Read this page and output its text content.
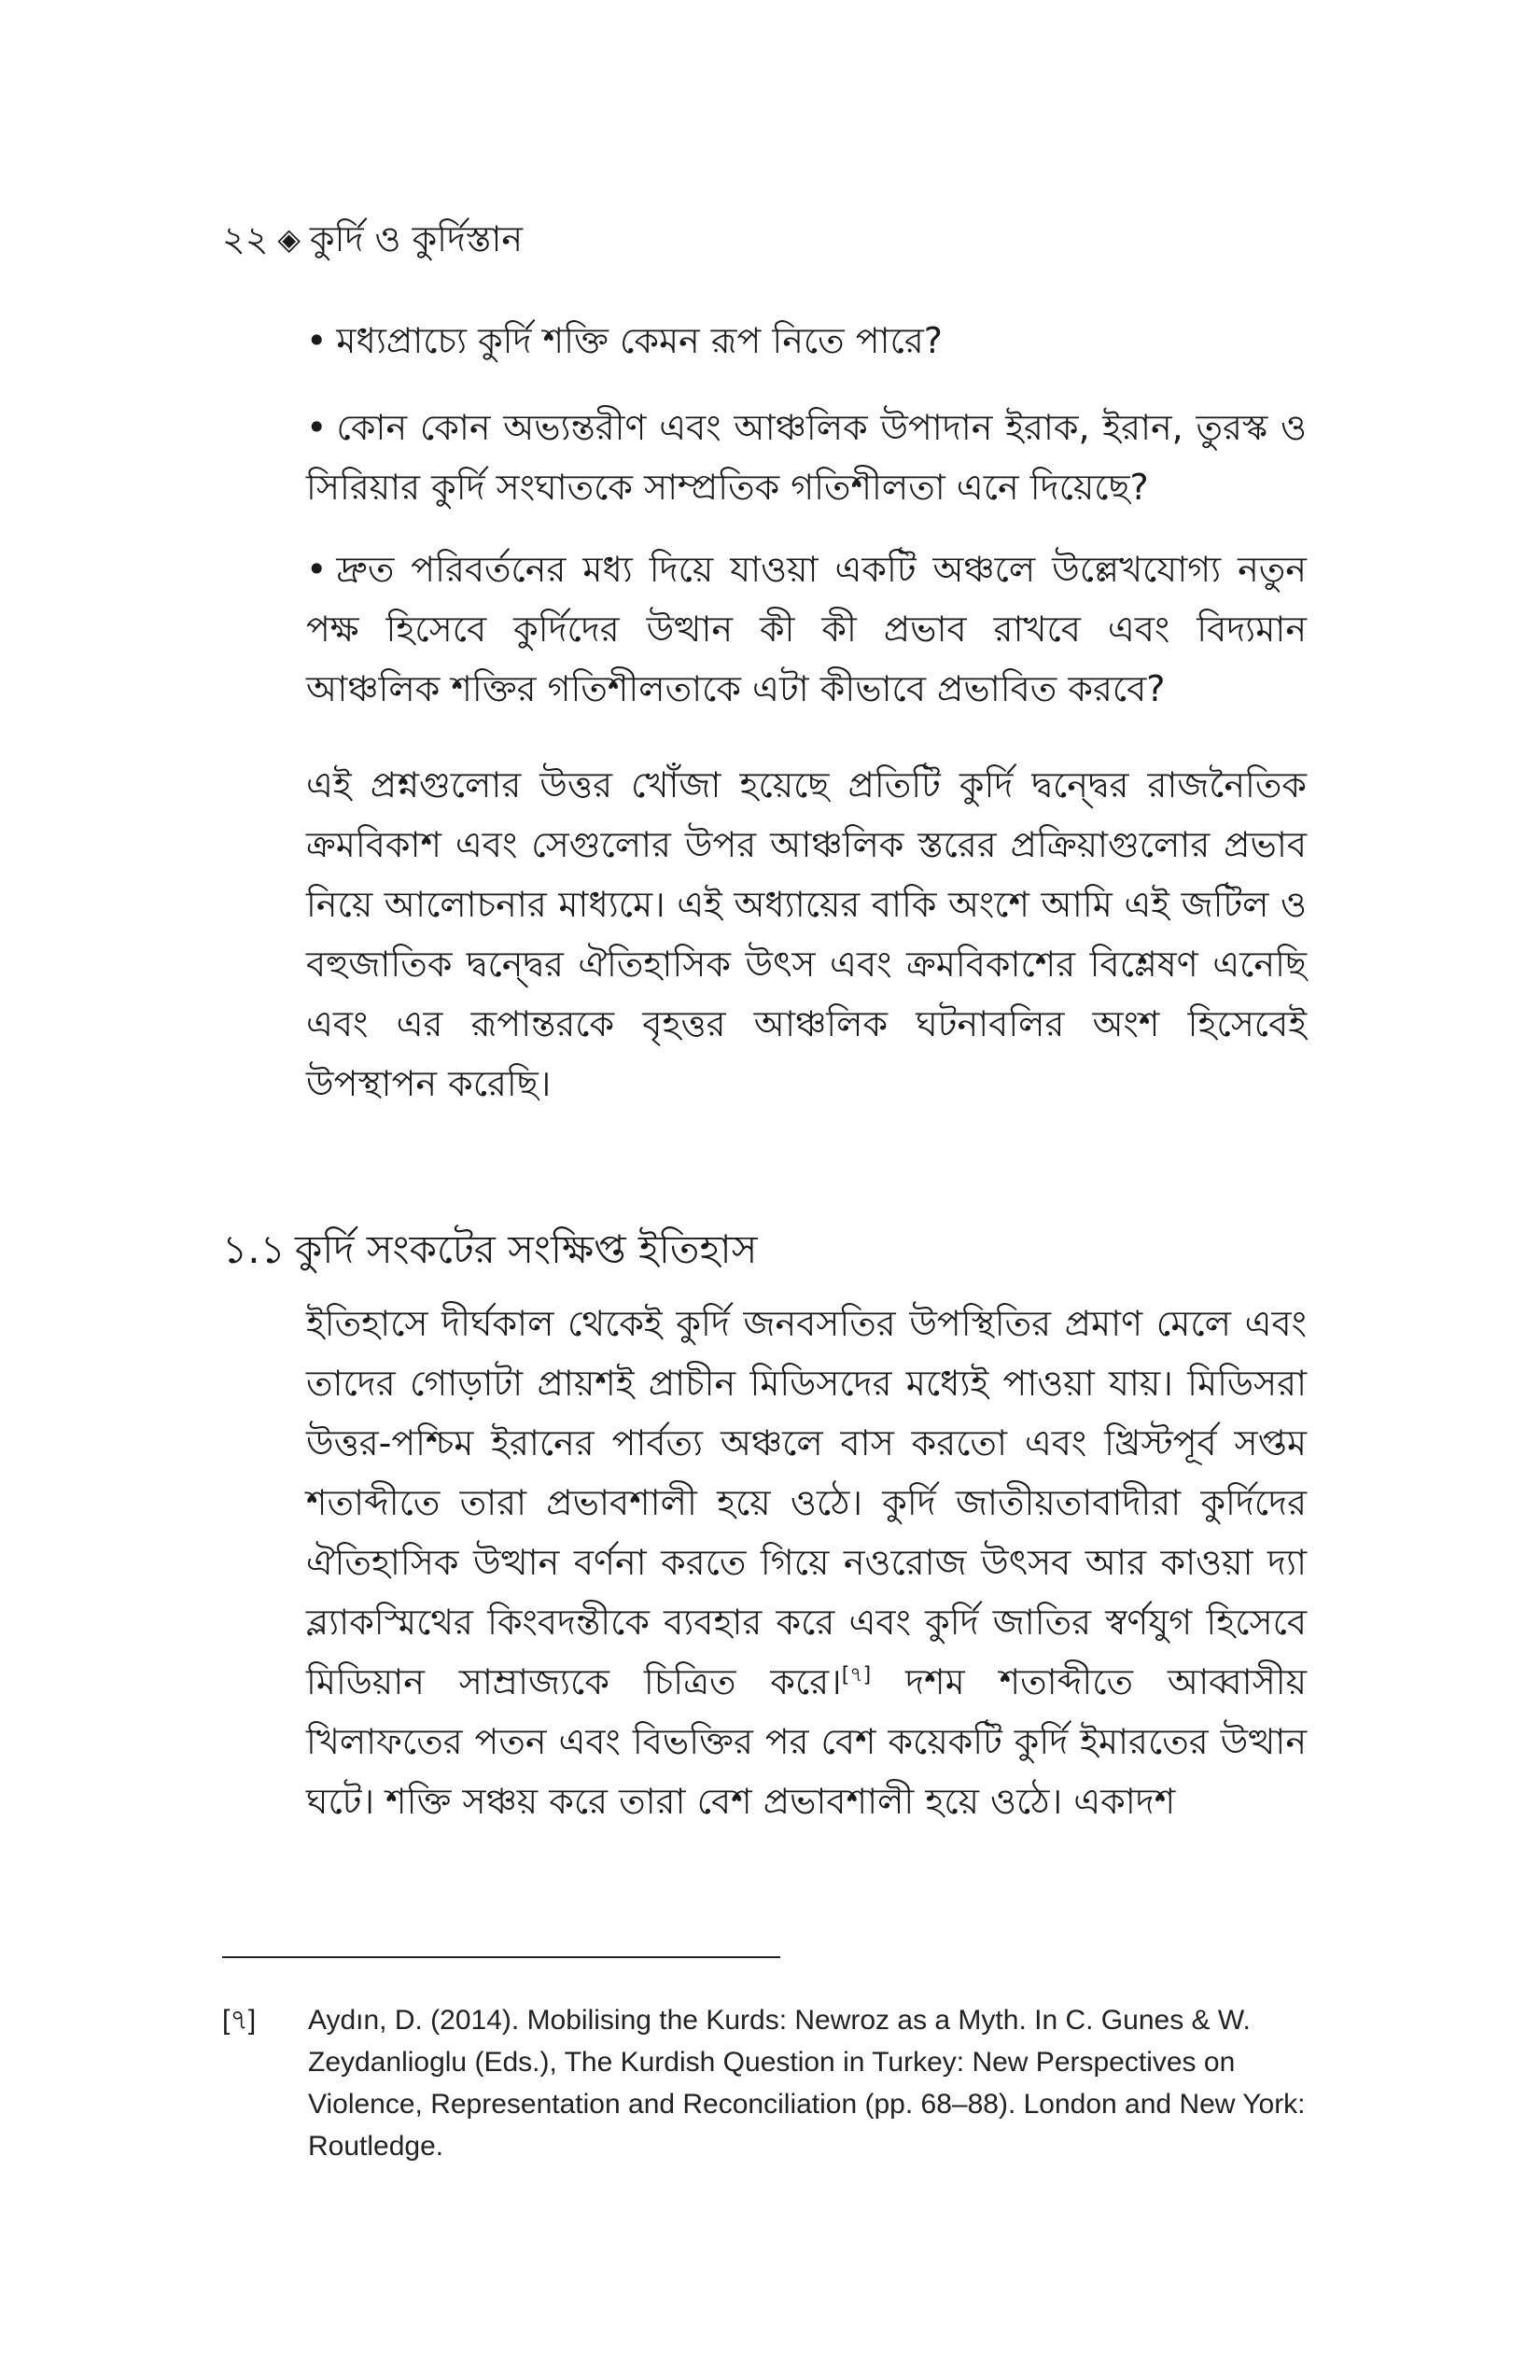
২২ ◈ কুর্দি ও কুর্দিস্তান

• মধ্যপ্রাচ্যে কুর্দি শক্তি কেমন রূপ নিতে পারে?

• কোন কোন অভ্যন্তরীণ এবং আঞ্চলিক উপাদান ইরাক, ইরান, তুরস্ক ও সিরিয়ার কুর্দি সংঘাতকে সাম্প্রতিক গতিশীলতা এনে দিয়েছে?

• দ্রুত পরিবর্তনের মধ্য দিয়ে যাওয়া একটি অঞ্চলে উল্লেখযোগ্য নতুন পক্ষ হিসেবে কুর্দিদের উত্থান কী কী প্রভাব রাখবে এবং বিদ্যমান আঞ্চলিক শক্তির গতিশীলতাকে এটা কীভাবে প্রভাবিত করবে?

এই প্রশ্নগুলোর উত্তর খোঁজা হয়েছে প্রতিটি কুর্দি দ্বন্দ্বের রাজনৈতিক ক্রমবিকাশ এবং সেগুলোর উপর আঞ্চলিক স্তরের প্রক্রিয়াগুলোর প্রভাব নিয়ে আলোচনার মাধ্যমে। এই অধ্যায়ের বাকি অংশে আমি এই জটিল ও বহুজাতিক দ্বন্দ্বের ঐতিহাসিক উৎস এবং ক্রমবিকাশের বিশ্লেষণ এনেছি এবং এর রূপান্তরকে বৃহত্তর আঞ্চলিক ঘটনাবলির অংশ হিসেবেই উপস্থাপন করেছি।

১.১ কুর্দি সংকটের সংক্ষিপ্ত ইতিহাস

ইতিহাসে দীর্ঘকাল থেকেই কুর্দি জনবসতির উপস্থিতির প্রমাণ মেলে এবং তাদের গোড়াটা প্রায়শই প্রাচীন মিডিসদের মধ্যেই পাওয়া যায়। মিডিসরা উত্তর-পশ্চিম ইরানের পার্বত্য অঞ্চলে বাস করতো এবং খ্রিস্টপূর্ব সপ্তম শতাব্দীতে তারা প্রভাবশালী হয়ে ওঠে। কুর্দি জাতীয়তাবাদীরা কুর্দিদের ঐতিহাসিক উত্থান বর্ণনা করতে গিয়ে নওরোজ উৎসব আর কাওয়া দ্যা ব্ল্যাকস্মিথের কিংবদন্তীকে ব্যবহার করে এবং কুর্দি জাতির স্বর্ণযুগ হিসেবে মিডিয়ান সাম্রাজ্যকে চিত্রিত করে।[৭] দশম শতাব্দীতে আব্বাসীয় খিলাফতের পতন এবং বিভক্তির পর বেশ কয়েকটি কুর্দি ইমারতের উত্থান ঘটে। শক্তি সঞ্চয় করে তারা বেশ প্রভাবশালী হয়ে ওঠে। একাদশ

[৭]	Aydın, D. (2014). Mobilising the Kurds: Newroz as a Myth. In C. Gunes & W. Zeydanlioglu (Eds.), The Kurdish Question in Turkey: New Perspectives on Violence, Representation and Reconciliation (pp. 68–88). London and New York: Routledge.
